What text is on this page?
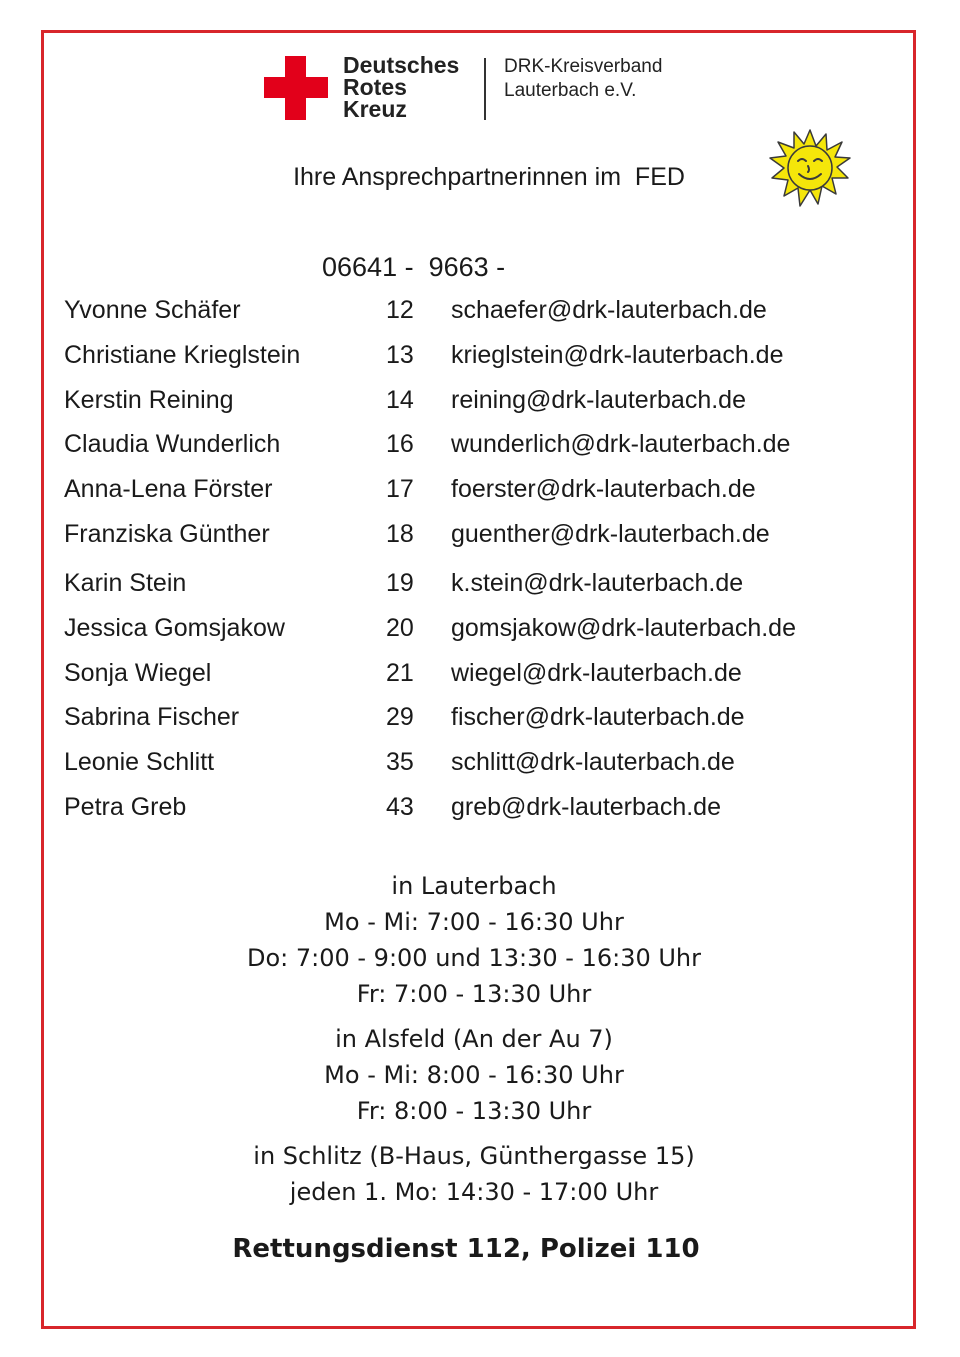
Deutsches
Rotes
Kreuz
DRK-Kreisverband
Lauterbach e.V.
Ihre Ansprechpartnerinnen im  FED
06641 -  9663 -
Yvonne Schäfer	12 schaefer@drk-lauterbach.de
Christiane Krieglstein	13 krieglstein@drk-lauterbach.de
Kerstin Reining	14 reining@drk-lauterbach.de
Claudia Wunderlich	16 wunderlich@drk-lauterbach.de
Anna-Lena Förster	17 foerster@drk-lauterbach.de
Franziska Günther	18 guenther@drk-lauterbach.de
Karin Stein	19 k.stein@drk-lauterbach.de
Jessica Gomsjakow	20 gomsjakow@drk-lauterbach.de
Sonja Wiegel	21 wiegel@drk-lauterbach.de
Sabrina Fischer	29 fischer@drk-lauterbach.de
Leonie Schlitt	35 schlitt@drk-lauterbach.de
Petra Greb	43 greb@drk-lauterbach.de
in Lauterbach
Mo - Mi: 7:00 - 16:30 Uhr
Do: 7:00 - 9:00 und 13:30 - 16:30 Uhr
Fr: 7:00 - 13:30 Uhr
in Alsfeld (An der Au 7)
Mo - Mi: 8:00 - 16:30 Uhr
Fr: 8:00 - 13:30 Uhr
in Schlitz (B-Haus, Günthergasse 15)
jeden 1. Mo: 14:30 - 17:00 Uhr
Rettungsdienst 112, Polizei 110
